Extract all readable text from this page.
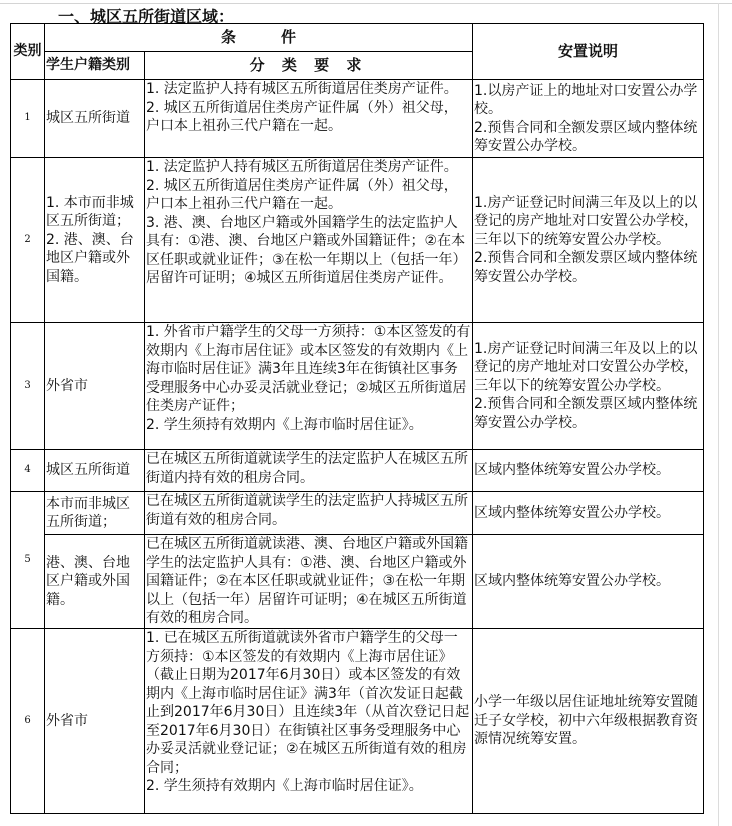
一、城区五所街道区域：
类别	条　　　件		安置说明
	学生户籍类别	分 类 要 求	
1	城区五所街道	1. 法定监护人持有城区五所街道居住类房产证件。2. 城区五所街道居住类房产证件属（外）祖父母，户口本上祖孙三代户籍在一起。	1.以房产证上的地址对口安置公办学校。
2.预售合同和全额发票区域内整体统筹安置公办学校。

2	1. 本市而非城区五所街道；2. 港、澳、台地区户籍或外国籍。	1. 法定监护人持有城区五所街道居住类房产证件。2. 城区五所街道居住类房产证件属（外）祖父母，户口本上祖孙三代户籍在一起。
3. 港、澳、台地区户籍或外国籍学生的法定监护人具有：①港、澳、台地区户籍或外国籍证件；②在本区任职或就业证件；③在松一年期以上（包括一年）居留许可证明；④城区五所街道居住类房产证件。	1.房产证登记时间满三年及以上的以登记的房产地址对口安置公办学校，三年以下的统筹安置公办学校。
2.预售合同和全额发票区域内整体统筹安置公办学校。

3	外省市	1. 外省市户籍学生的父母一方须持：①本区签发的有效期内《上海市居住证》或本区签发的有效期内《上海市临时居住证》满3年且连续3年在街镇社区事务受理服务中心办妥灵活就业登记；②城区五所街道居住类房产证件；
2. 学生须持有效期内《上海市临时居住证》。	1.房产证登记时间满三年及以上的以登记的房产地址对口安置公办学校，三年以下的统筹安置公办学校。
2.预售合同和全额发票区域内整体统筹安置公办学校。

4	城区五所街道	已在城区五所街道就读学生的法定监护人在城区五所街道内持有效的租房合同。	区域内整体统筹安置公办学校。

5	本市而非城区五所街道；	已在城区五所街道就读学生的法定监护人持城区五所街道有效的租房合同。	区域内整体统筹安置公办学校。

	港、澳、台地区户籍或外国籍。	已在城区五所街道就读港、澳、台地区户籍或外国籍学生的法定监护人具有：①港、澳、台地区户籍或外国籍证件；②在本区任职或就业证件；③在松一年期以上（包括一年）居留许可证明；④在城区五所街道有效的租房合同。	区域内整体统筹安置公办学校。

6	外省市	1. 已在城区五所街道就读外省市户籍学生的父母一方须持：①本区签发的有效期内《上海市居住证》（截止日期为2017年6月30日）或本区签发的有效期内《上海市临时居住证》满3年（首次发证日起截止到2017年6月30日）且连续3年（从首次登记日起至2017年6月30日）在街镇社区事务受理服务中心办妥灵活就业登记证；②在城区五所街道有效的租房合同；
2. 学生须持有效期内《上海市临时居住证》。	小学一年级以居住证地址统筹安置随迁子女学校，初中六年级根据教育资源情况统筹安置。
